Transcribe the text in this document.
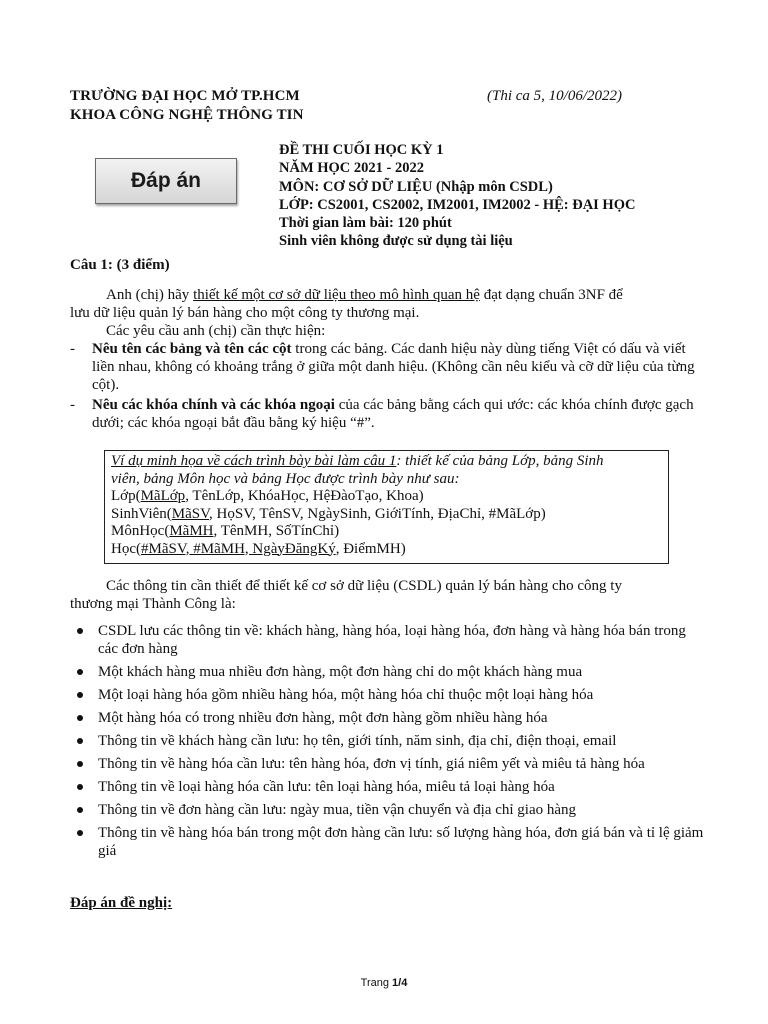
TRƯỜNG ĐẠI HỌC MỞ TP.HCM
KHOA CÔNG NGHỆ THÔNG TIN
(Thi ca 5, 10/06/2022)
Đáp án
ĐỀ THI CUỐI HỌC KỲ 1
NĂM HỌC 2021 - 2022
MÔN: CƠ SỞ DỮ LIỆU (Nhập môn CSDL)
LỚP: CS2001, CS2002, IM2001, IM2002 - HỆ: ĐẠI HỌC
Thời gian làm bài: 120 phút
Sinh viên không được sử dụng tài liệu
Câu 1: (3 điểm)
Anh (chị) hãy thiết kế một cơ sở dữ liệu theo mô hình quan hệ đạt dạng chuẩn 3NF để
lưu dữ liệu quản lý bán hàng cho một công ty thương mại.
Các yêu cầu anh (chị) cần thực hiện:
- Nêu tên các bảng và tên các cột trong các bảng. Các danh hiệu này dùng tiếng Việt có dấu và viết liền nhau, không có khoảng trắng ở giữa một danh hiệu. (Không cần nêu kiểu và cỡ dữ liệu của từng cột).
- Nêu các khóa chính và các khóa ngoại của các bảng bằng cách qui ước: các khóa chính được gạch dưới; các khóa ngoại bắt đầu bằng ký hiệu “#”.
Ví dụ minh họa về cách trình bày bài làm câu 1: thiết kế của bảng Lớp, bảng Sinh
viên, bảng Môn học và bảng Học được trình bày như sau:
Lớp(MãLớp, TênLớp, KhóaHọc, HệĐàoTạo, Khoa)
SinhViên(MãSV, HọSV, TênSV, NgàySinh, GiớiTính, ĐịaChỉ, #MãLớp)
MônHọc(MãMH, TênMH, SốTínChỉ)
Học(#MãSV, #MãMH, NgàyĐăngKý, ĐiểmMH)
Các thông tin cần thiết để thiết kế cơ sở dữ liệu (CSDL) quản lý bán hàng cho công ty
thương mại Thành Công là:
CSDL lưu các thông tin về: khách hàng, hàng hóa, loại hàng hóa, đơn hàng và hàng hóa bán trong các đơn hàng
Một khách hàng mua nhiều đơn hàng, một đơn hàng chỉ do một khách hàng mua
Một loại hàng hóa gồm nhiều hàng hóa, một hàng hóa chỉ thuộc một loại hàng hóa
Một hàng hóa có trong nhiều đơn hàng, một đơn hàng gồm nhiều hàng hóa
Thông tin về khách hàng cần lưu: họ tên, giới tính, năm sinh, địa chỉ, điện thoại, email
Thông tin về hàng hóa cần lưu: tên hàng hóa, đơn vị tính, giá niêm yết và miêu tả hàng hóa
Thông tin về loại hàng hóa cần lưu: tên loại hàng hóa, miêu tả loại hàng hóa
Thông tin về đơn hàng cần lưu: ngày mua, tiền vận chuyển và địa chỉ giao hàng
Thông tin về hàng hóa bán trong một đơn hàng cần lưu: số lượng hàng hóa, đơn giá bán và tỉ lệ giảm giá
Đáp án đề nghị:
Trang 1/4
